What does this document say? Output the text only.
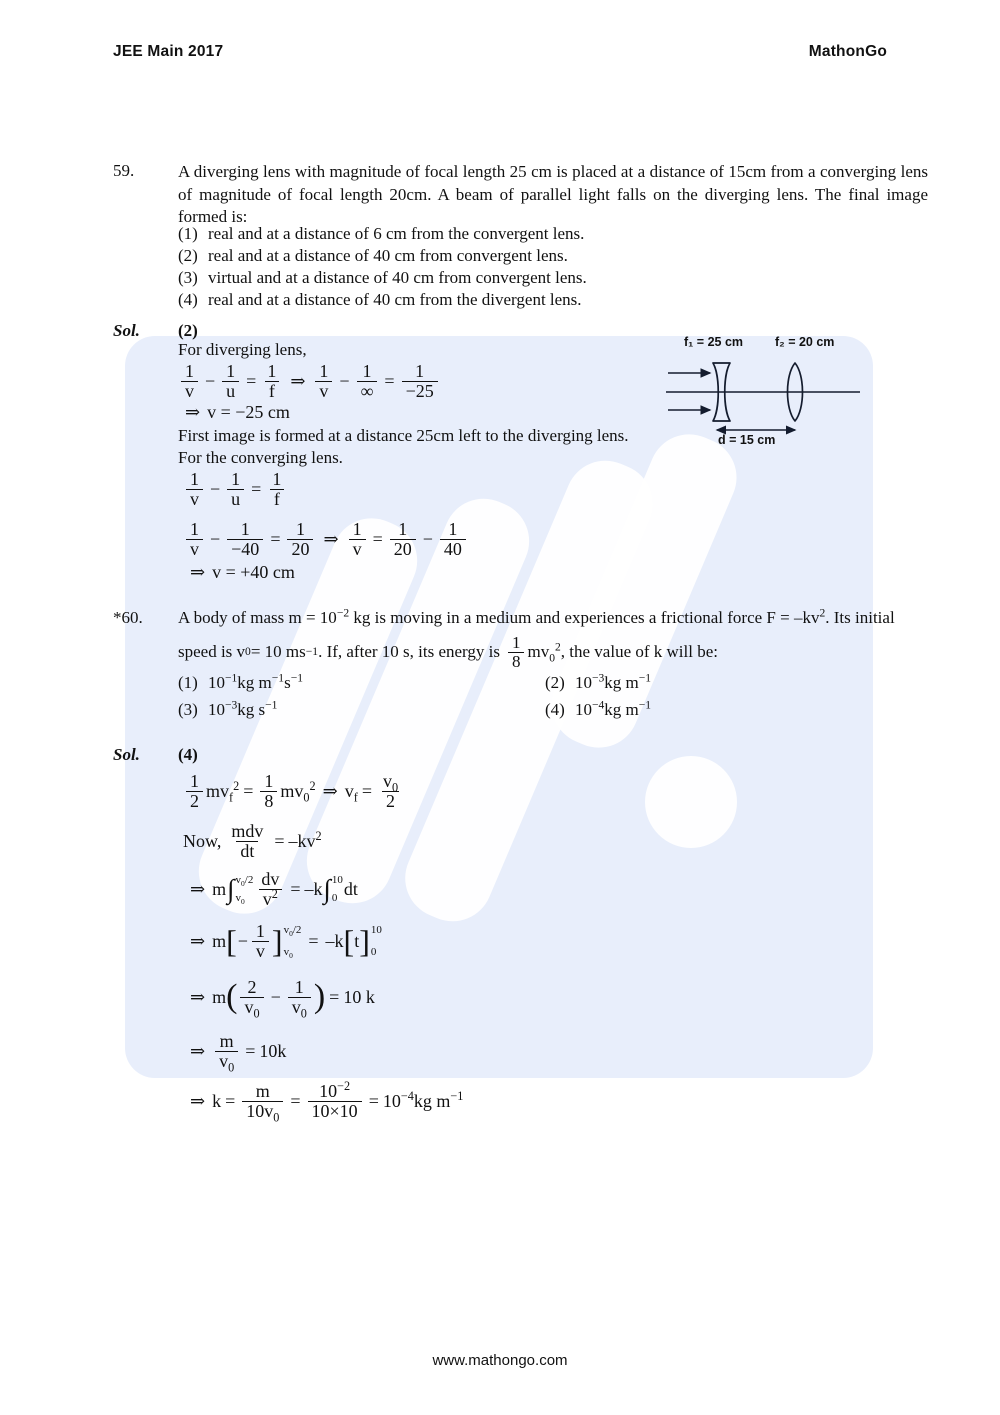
JEE Main 2017	MathonGo
59.	A diverging lens with magnitude of focal length 25 cm is placed at a distance of 15cm from a converging lens of magnitude of focal length 20cm. A beam of parallel light falls on the diverging lens. The final image formed is:
(1) real and at a distance of 6 cm from the convergent lens.
(2) real and at a distance of 40 cm from convergent lens.
(3) virtual and at a distance of 40 cm from convergent lens.
(4) real and at a distance of 40 cm from the divergent lens.
Sol. (2)
For diverging lens,
$\frac{1}{v} - \frac{1}{u} = \frac{1}{f}$ ⇒ $\frac{1}{v} - \frac{1}{\infty} = \frac{1}{-25}$
⇒ v = −25 cm
First image is formed at a distance 25cm left to the diverging lens.
For the converging lens.
$\frac{1}{v} - \frac{1}{u} = \frac{1}{f}$
$\frac{1}{v} - \frac{1}{-40} = \frac{1}{20}$ ⇒ $\frac{1}{v} = \frac{1}{20} - \frac{1}{40}$
⇒ v = +40 cm
f₁ = 25 cm	f₂ = 20 cm
d = 15 cm
*60. A body of mass $m = 10^{-2}$ kg is moving in a medium and experiences a frictional force $F = -kv^2$. Its initial
speed is v 0 = 10 ms −1 . If, after 10 s, its energy is $\frac{1}{8} mv_0^2$ , the value of k will be:
(1) $10^{-1}kg$ $m^{-1}s^{-1}$	(2) $10^{-3}kg$ $m^{-1}$
(3) $10^{-3}kg$ $s^{-1}$	(4) $10^{-4}kg$ $m^{-1}$
Sol. (4)
$\frac{1}{2} mv_f^2 = \frac{1}{8} mv_0^2$ ⇒ $v_f = \frac{v_0}{2}$
Now, $\frac{\text{mdv}}{dt} = -kv^2$
⇒ m ∫ $v_0/2$
$v_0 \frac{dv}{v^2} = -k$ ∫ 10
0 dt
⇒ m [ − $\frac{1}{v}$ ] $v_0/2$
$v_0$
= –k [ t ] 10
0
⇒ m ( $\frac{2}{v_0} - \frac{1}{v_0}$ ) = 10 k
⇒ $\frac{m}{v_0} = 10k$
⇒ $k = \frac{m}{10v_0} = \frac{10^{-2}}{10\times 10} = 10^{-4}kg$ $m^{-1}$
www.mathongo.com
